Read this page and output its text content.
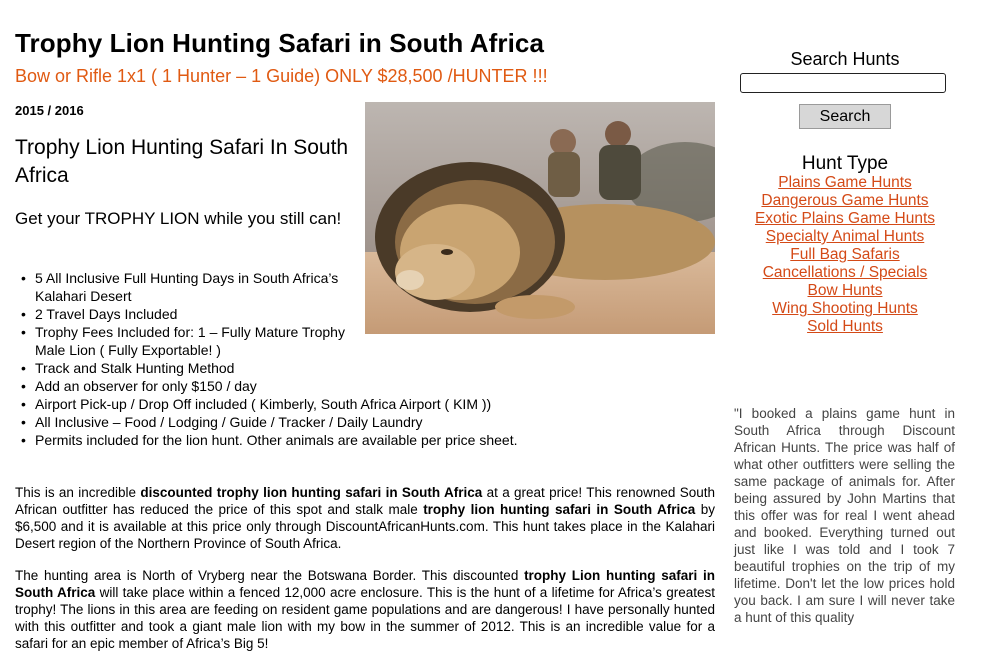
Trophy Lion Hunting Safari in South Africa
Bow or Rifle 1x1 ( 1 Hunter – 1 Guide) ONLY $28,500 /HUNTER !!!
2015 / 2016
Trophy Lion Hunting Safari In South Africa

Get your TROPHY LION while you still can!

• 5 All Inclusive Full Hunting Days in South Africa’s Kalahari Desert
• 2 Travel Days Included
• Trophy Fees Included for: 1 – Fully Mature Trophy Male Lion ( Fully Exportable! )
• Track and Stalk Hunting Method
• Add an observer for only $150 / day
• Airport Pick-up / Drop Off included ( Kimberly, South Africa Airport ( KIM ))
• All Inclusive – Food / Lodging / Guide / Tracker / Daily Laundry
• Permits included for the lion hunt. Other animals are available per price sheet.

This is an incredible discounted trophy lion hunting safari in South Africa at a great price! This renowned South African outfitter has reduced the price of this spot and stalk male trophy lion hunting safari in South Africa by $6,500 and it is available at this price only through DiscountAfricanHunts.com. This hunt takes place in the Kalahari Desert region of the Northern Province of South Africa.

The hunting area is North of Vryberg near the Botswana Border. This discounted trophy Lion hunting safari in South Africa will take place within a fenced 12,000 acre enclosure. This is the hunt of a lifetime for Africa’s greatest trophy! The lions in this area are feeding on resident game populations and are dangerous! I have personally hunted with this outfitter and took a giant male lion with my bow in the summer of 2012. This is an incredible value for a safari for an epic member of Africa’s Big 5!

Search Hunts
Search
Hunt Type
Plains Game Hunts
Dangerous Game Hunts
Exotic Plains Game Hunts
Specialty Animal Hunts
Full Bag Safaris
Cancellations / Specials
Bow Hunts
Wing Shooting Hunts
Sold Hunts

"I booked a plains game hunt in South Africa through Discount African Hunts. The price was half of what other outfitters were selling the same package of animals for. After being assured by John Martins that this offer was for real I went ahead and booked. Everything turned out just like I was told and I took 7 beautiful trophies on the trip of my lifetime. Don't let the low prices hold you back. I am sure I will never take a hunt of this quality
